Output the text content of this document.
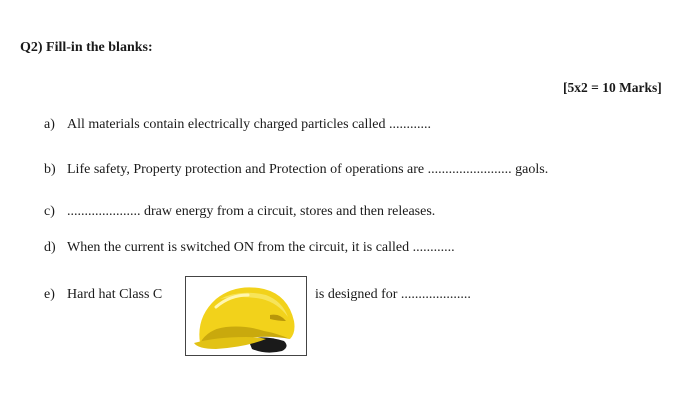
Q2) Fill-in the blanks:
[5x2 = 10 Marks]
a) All materials contain electrically charged particles called ............
b) Life safety, Property protection and Protection of operations are ........................ gaols.
c) ..................... draw energy from a circuit, stores and then releases.
d) When the current is switched ON from the circuit, it is called ............
e) Hard hat Class C	is designed for ....................
